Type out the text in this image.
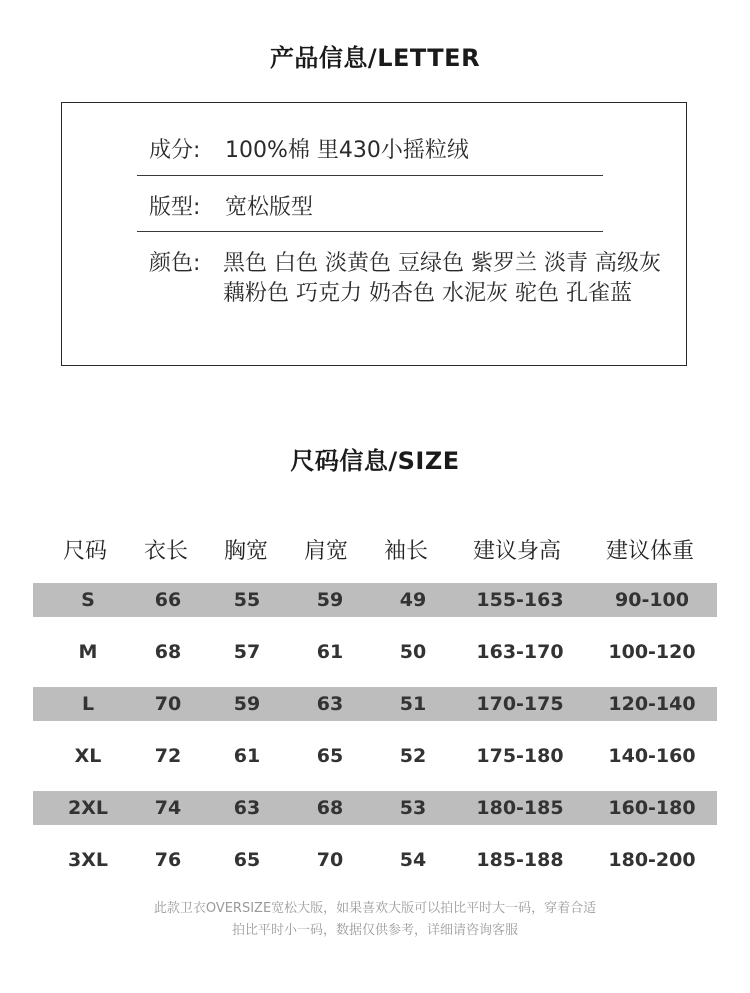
产品信息/LETTER
成分: 100%棉 里430小摇粒绒
版型: 宽松版型
颜色:	黑色 白色 淡黄色 豆绿色 紫罗兰 淡青 高级灰 藕粉色 巧克力 奶杏色 水泥灰 驼色 孔雀蓝
尺码信息/SIZE
尺码 衣长 胸宽 肩宽 袖长 建议身高 建议体重
S	66	55	59	49	155-163	90-100
M	68	57	61	50	163-170 100-120
L	70	59	63	51	170-175 120-140
XL	72	61	65	52	175-180 140-160
2XL 74	63	68	53	180-185 160-180
3XL 76	65	70	54	185-188 180-200
此款卫衣OVERSIZE宽松大版，如果喜欢大版可以拍比平时大一码，穿着合适
拍比平时小一码，数据仅供参考，详细请咨询客服
